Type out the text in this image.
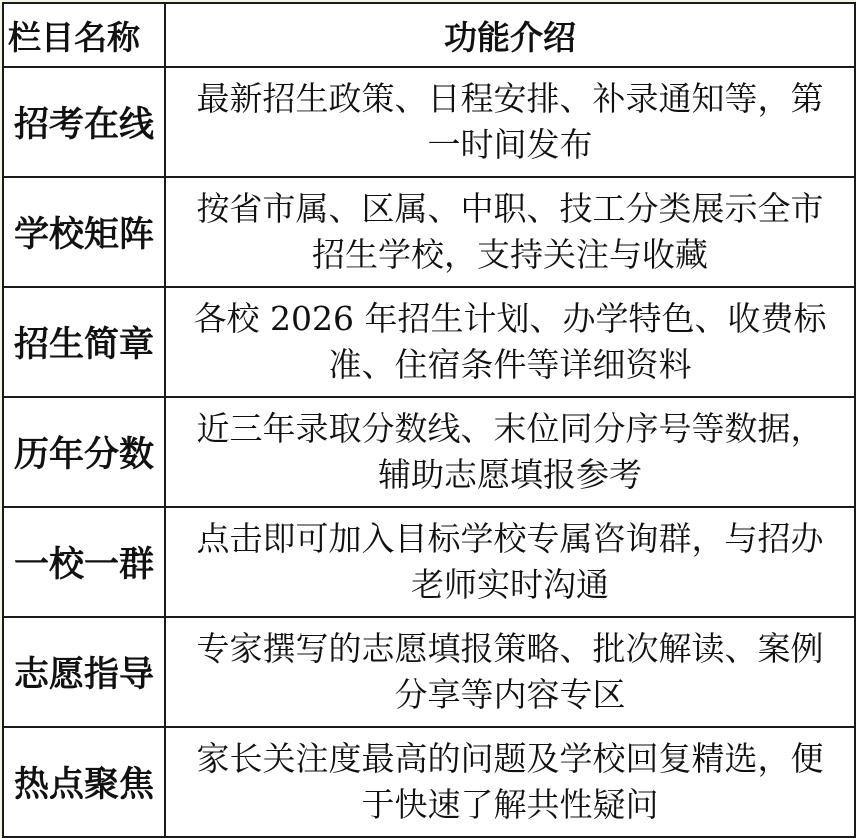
栏目名称	功能介绍
招考在线	最新招生政策、日程安排、补录通知等，第
一时间发布

学校矩阵	按省市属、区属、中职、技工分类展示全市
招生学校，支持关注与收藏

招生简章	各校 2026 年招生计划、办学特色、收费标
准、住宿条件等详细资料

历年分数	近三年录取分数线、末位同分序号等数据，
辅助志愿填报参考

一校一群	点击即可加入目标学校专属咨询群，与招办
老师实时沟通

志愿指导	专家撰写的志愿填报策略、批次解读、案例
分享等内容专区

热点聚焦	家长关注度最高的问题及学校回复精选，便
于快速了解共性疑问
